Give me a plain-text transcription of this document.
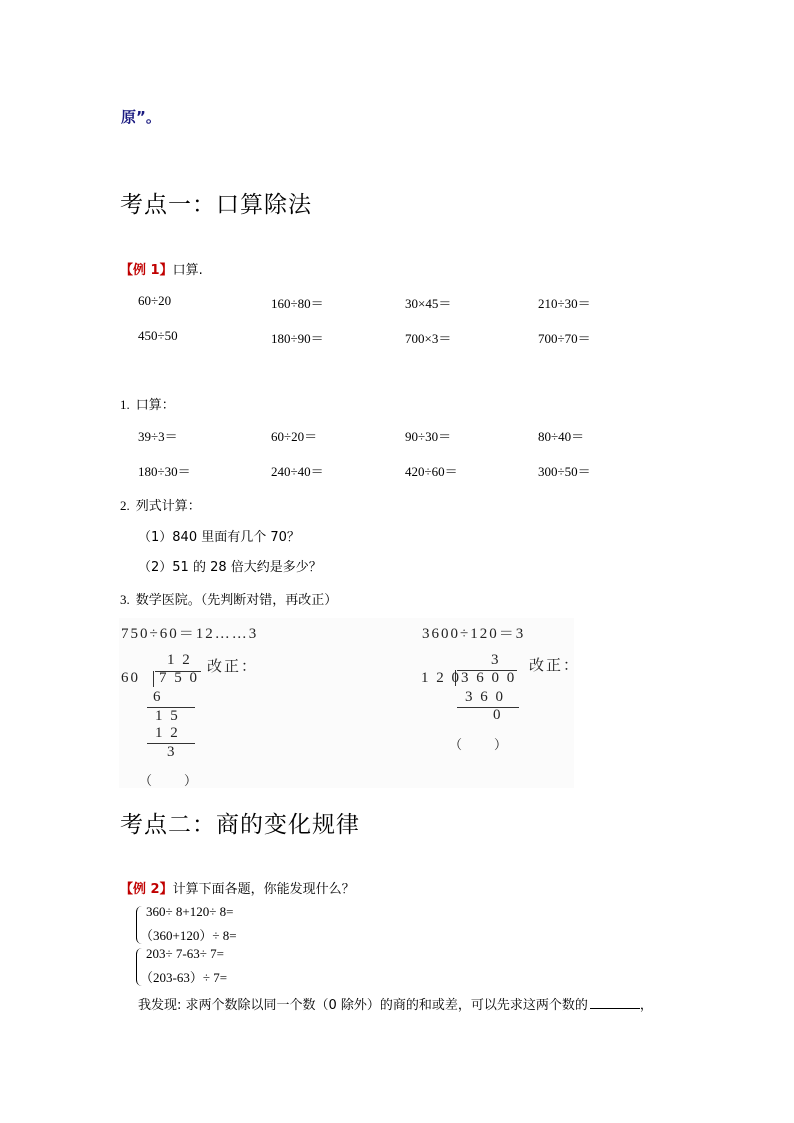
原”。
考点一：口算除法
【例 1】口算.
60÷20	160÷80＝	30×45＝	210÷30＝
450÷50	180÷90＝	700×3＝	700÷70＝
1. 口算：
39÷3＝	60÷20＝	90÷30＝	80÷40＝
180÷30＝	240÷40＝	420÷60＝	300÷50＝
2. 列式计算：
（1）840 里面有几个 70？
（2）51 的 28 倍大约是多少？
3. 数学医院。（先判断对错，再改正）
750÷60＝12……3
1 2
60 7 5 0
改正：
6
1 5
1 2
3
（　　）
3600÷120＝3
3
1 2 0 3 6 0 0
改正：
3 6 0
0
（　　）
考点二：商的变化规律
【例 2】计算下面各题，你能发现什么？
360÷ 8+120÷ 8=
（360+120）÷ 8=
203÷ 7-63÷ 7=
（203-63）÷ 7=
我发现: 求两个数除以同一个数（0 除外）的商的和或差，可以先求这两个数的	，
